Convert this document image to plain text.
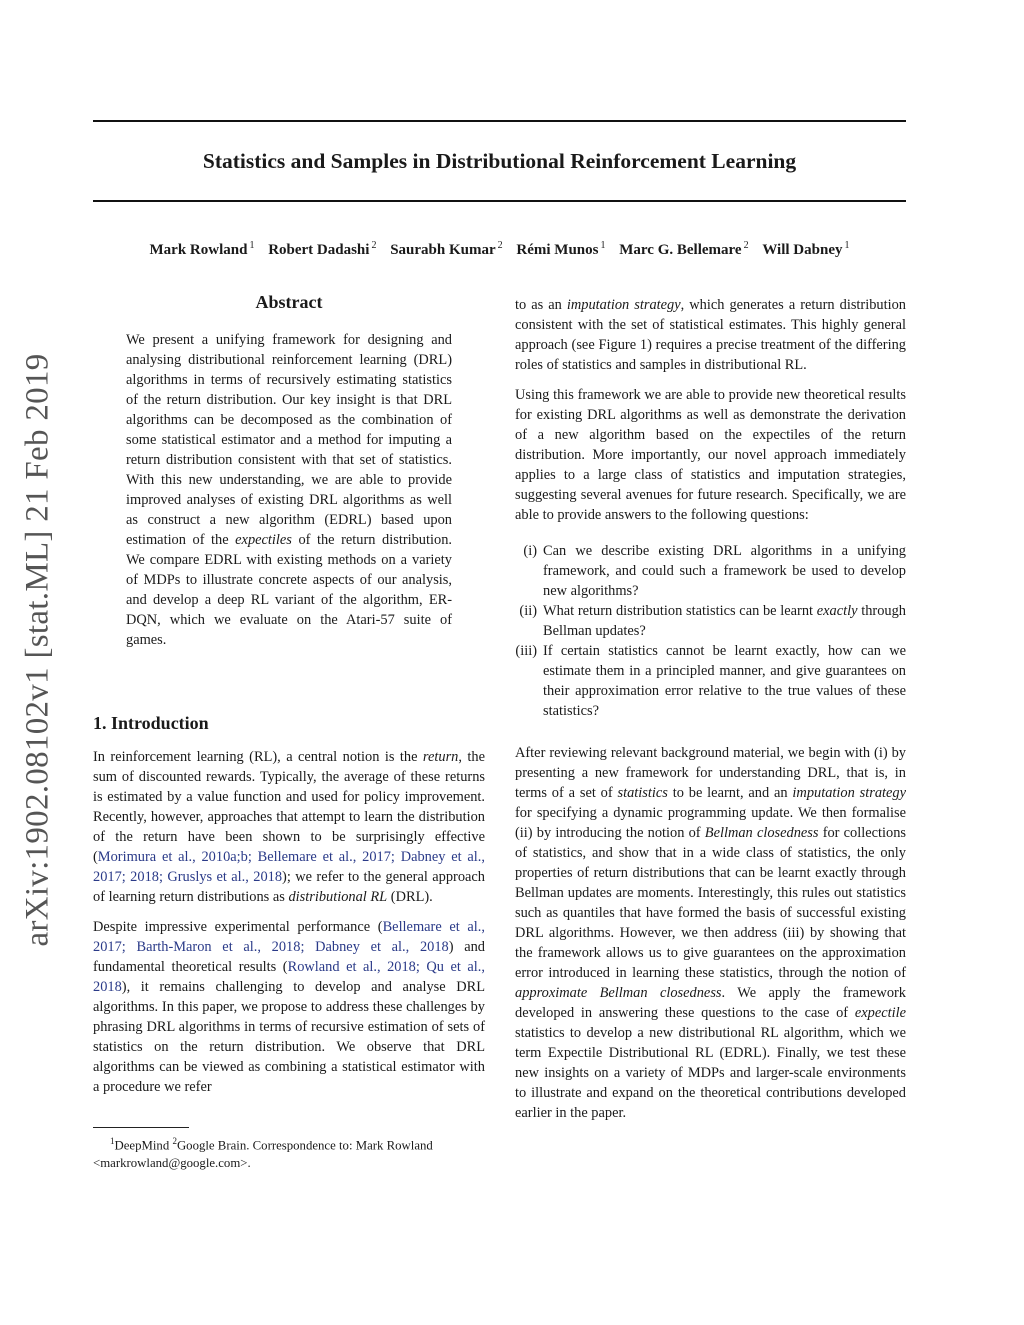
Statistics and Samples in Distributional Reinforcement Learning
Mark Rowland $^1$ Robert Dadashi $^2$ Saurabh Kumar $^2$ Rémi Munos $^1$ Marc G. Bellemare $^2$ Will Dabney $^1$
arXiv:1902.08102v1 [stat.ML] 21 Feb 2019
Abstract

We present a unifying framework for designing and analysing distributional reinforcement learning (DRL) algorithms in terms of recursively estimating statistics of the return distribution. Our key insight is that DRL algorithms can be decomposed as the combination of some statistical estimator and a method for imputing a return distribution consistent with that set of statistics. With this new understanding, we are able to provide improved analyses of existing DRL algorithms as well as construct a new algorithm (EDRL) based upon estimation of the expectiles of the return distribution. We compare EDRL with existing methods on a variety of MDPs to illustrate concrete aspects of our analysis, and develop a deep RL variant of the algorithm, ER-DQN, which we evaluate on the Atari-57 suite of games.

1. Introduction

In reinforcement learning (RL), a central notion is the return, the sum of discounted rewards. Typically, the average of these returns is estimated by a value function and used for policy improvement. Recently, however, approaches that attempt to learn the distribution of the return have been shown to be surprisingly effective (Morimura et al., 2010a;b; Bellemare et al., 2017; Dabney et al., 2017; 2018; Gruslys et al., 2018); we refer to the general approach of learning return distributions as distributional RL (DRL).

Despite impressive experimental performance (Bellemare et al., 2017; Barth-Maron et al., 2018; Dabney et al., 2018) and fundamental theoretical results (Rowland et al., 2018; Qu et al., 2018), it remains challenging to develop and analyse DRL algorithms. In this paper, we propose to address these challenges by phrasing DRL algorithms in terms of recursive estimation of sets of statistics on the return distribution. We observe that DRL algorithms can be viewed as combining a statistical estimator with a procedure we refer

$^1$DeepMind $^2$Google Brain. Correspondence to: Mark Rowland
<markrowland@google.com>.

to as an imputation strategy, which generates a return distribution consistent with the set of statistical estimates. This highly general approach (see Figure 1) requires a precise treatment of the differing roles of statistics and samples in distributional RL.

Using this framework we are able to provide new theoretical results for existing DRL algorithms as well as demonstrate the derivation of a new algorithm based on the expectiles of the return distribution. More importantly, our novel approach immediately applies to a large class of statistics and imputation strategies, suggesting several avenues for future research. Specifically, we are able to provide answers to the following questions:

(i) Can we describe existing DRL algorithms in a unifying framework, and could such a framework be used to develop new algorithms?
(ii) What return distribution statistics can be learnt exactly through Bellman updates?
(iii) If certain statistics cannot be learnt exactly, how can we estimate them in a principled manner, and give guarantees on their approximation error relative to the true values of these statistics?

After reviewing relevant background material, we begin with (i) by presenting a new framework for understanding DRL, that is, in terms of a set of statistics to be learnt, and an imputation strategy for specifying a dynamic programming update. We then formalise (ii) by introducing the notion of Bellman closedness for collections of statistics, and show that in a wide class of statistics, the only properties of return distributions that can be learnt exactly through Bellman updates are moments. Interestingly, this rules out statistics such as quantiles that have formed the basis of successful existing DRL algorithms. However, we then address (iii) by showing that the framework allows us to give guarantees on the approximation error introduced in learning these statistics, through the notion of approximate Bellman closedness. We apply the framework developed in answering these questions to the case of expectile statistics to develop a new distributional RL algorithm, which we term Expectile Distributional RL (EDRL). Finally, we test these new insights on a variety of MDPs and larger-scale environments to illustrate and expand on the theoretical contributions developed earlier in the paper.
